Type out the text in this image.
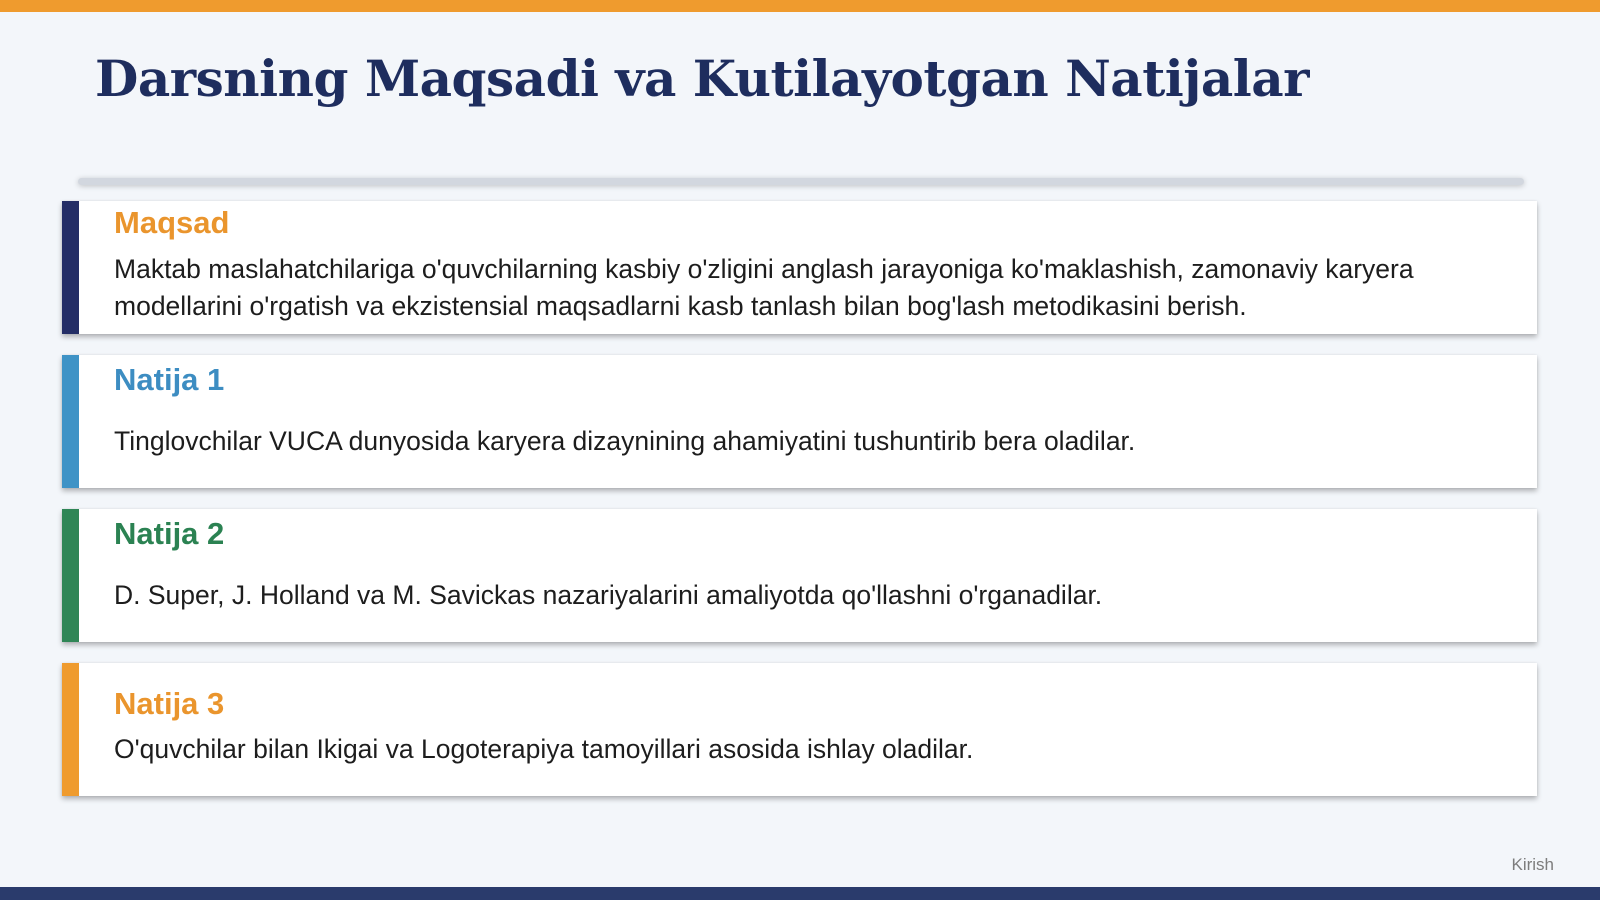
Darsning Maqsadi va Kutilayotgan Natijalar
Maqsad
Maktab maslahatchilariga o'quvchilarning kasbiy o'zligini anglash jarayoniga ko'maklashish, zamonaviy karyera modellarini o'rgatish va ekzistensial maqsadlarni kasb tanlash bilan bog'lash metodikasini berish.
Natija 1
Tinglovchilar VUCA dunyosida karyera dizaynining ahamiyatini tushuntirib bera oladilar.
Natija 2
D. Super, J. Holland va M. Savickas nazariyalarini amaliyotda qo'llashni o'rganadilar.
Natija 3
O'quvchilar bilan Ikigai va Logoterapiya tamoyillari asosida ishlay oladilar.
Kirish
